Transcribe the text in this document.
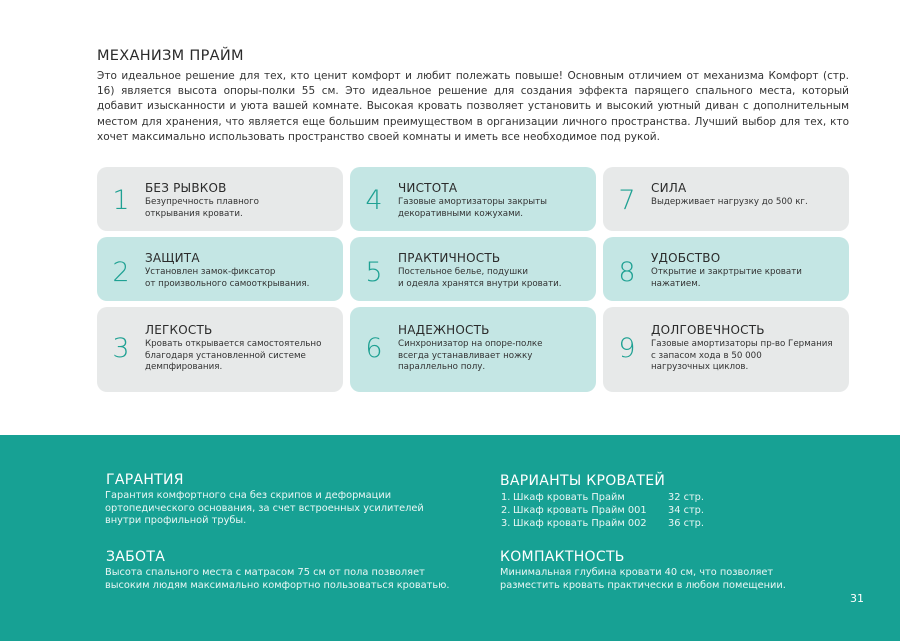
МЕХАНИЗМ ПРАЙМ
Это идеальное решение для тех, кто ценит комфорт и любит полежать повыше! Основным отличием от механизма Комфорт (стр. 16) является высота опоры-полки 55 см. Это идеальное решение для создания эффекта парящего спального места, который добавит изысканности и уюта вашей комнате. Высокая кровать позволяет установить и высокий уютный диван с дополнительным местом для хранения, что является еще большим преимуществом в организации личного пространства. Лучший выбор для тех, кто хочет максимально использовать пространство своей комнаты и иметь все необходимое под рукой.
1	БЕЗ РЫВКОВ
Безупречность плавного
открывания кровати.	4	ЧИСТОТА
Газовые амортизаторы закрыты
декоративными кожухами.	7	СИЛА
Выдерживает нагрузку до 500 кг.
2	ЗАЩИТА
Установлен замок-фиксатор
от произвольного самооткрывания.	5	ПРАКТИЧНОСТЬ
Постельное белье, подушки
и одеяла хранятся внутри кровати.	8	УДОБСТВО
Открытие и закртрытие кровати
нажатием.
3
ЛЕГКОСТЬ
Кровать открывается самостоятельно
благодаря установленной системе
демпфирования.
6
НАДЕЖНОСТЬ
Синхронизатор на опоре-полке
всегда устанавливает ножку
параллельно полу.
9
ДОЛГОВЕЧНОСТЬ
Газовые амортизаторы пр-во Германия
с запасом хода в 50 000
нагрузочных циклов.
ГАРАНТИЯ
Гарантия комфортного сна без скрипов и деформации
ортопедического основания, за счет встроенных усилителей
внутри профильной трубы.
ЗАБОТА
Высота спального места с матрасом 75 см от пола позволяет
высоким людям максимально комфортно пользоваться кроватью.
ВАРИАНТЫ КРОВАТЕЙ
1. Шкаф кровать Прайм	32 стр.
2. Шкаф кровать Прайм 001	34 стр.
3. Шкаф кровать Прайм 002	36 стр.
КОМПАКТНОСТЬ
Минимальная глубина кровати 40 см, что позволяет
разместить кровать практически в любом помещении.
31
